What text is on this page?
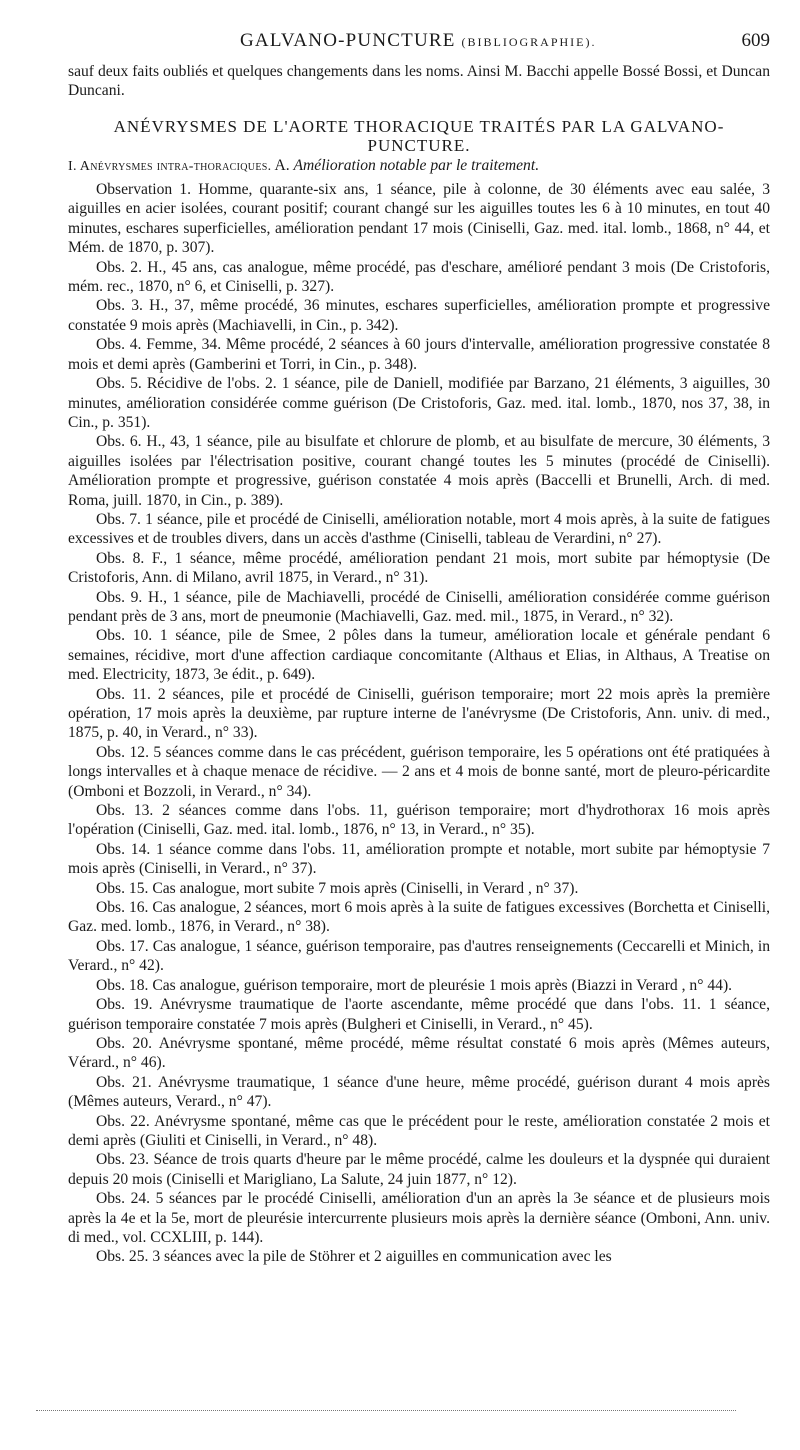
GALVANO-PUNCTURE (BIBLIOGRAPHIE).	609

sauf deux faits oubliés et quelques changements dans les noms. Ainsi M. Bacchi appelle Bossé Bossi, et Duncan Duncani.

ANÉVRYSMES DE L'AORTE THORACIQUE TRAITÉS PAR LA GALVANO-PUNCTURE.
I. Anévrysmes intra-thoraciques. A. Amélioration notable par le traitement.

Observation 1. Homme, quarante-six ans, 1 séance, pile à colonne, de 30 éléments avec eau salée, 3 aiguilles en acier isolées, courant positif; courant changé sur les aiguilles toutes les 6 à 10 minutes, en tout 40 minutes, eschares superficielles, amélioration pendant 17 mois (Ciniselli, Gaz. med. ital. lomb., 1868, n° 44, et Mém. de 1870, p. 307).

Obs. 2. H., 45 ans, cas analogue, même procédé, pas d'eschare, amélioré pendant 3 mois (De Cristoforis, mém. rec., 1870, n° 6, et Ciniselli, p. 327).

Obs. 3. H., 37, même procédé, 36 minutes, eschares superficielles, amélioration prompte et progressive constatée 9 mois après (Machiavelli, in Cin., p. 342).

Obs. 4. Femme, 34. Même procédé, 2 séances à 60 jours d'intervalle, amélioration progressive constatée 8 mois et demi après (Gamberini et Torri, in Cin., p. 348).

Obs. 5. Récidive de l'obs. 2. 1 séance, pile de Daniell, modifiée par Barzano, 21 éléments, 3 aiguilles, 30 minutes, amélioration considérée comme guérison (De Cristoforis, Gaz. med. ital. lomb., 1870, nos 37, 38, in Cin., p. 351).

Obs. 6. H., 43, 1 séance, pile au bisulfate et chlorure de plomb, et au bisulfate de mercure, 30 éléments, 3 aiguilles isolées par l'électrisation positive, courant changé toutes les 5 minutes (procédé de Ciniselli). Amélioration prompte et progressive, guérison constatée 4 mois après (Baccelli et Brunelli, Arch. di med. Roma, juill. 1870, in Cin., p. 389).

Obs. 7. 1 séance, pile et procédé de Ciniselli, amélioration notable, mort 4 mois après, à la suite de fatigues excessives et de troubles divers, dans un accès d'asthme (Ciniselli, tableau de Verardini, n° 27).

Obs. 8. F., 1 séance, même procédé, amélioration pendant 21 mois, mort subite par hémoptysie (De Cristoforis, Ann. di Milano, avril 1875, in Verard., n° 31).

Obs. 9. H., 1 séance, pile de Machiavelli, procédé de Ciniselli, amélioration considérée comme guérison pendant près de 3 ans, mort de pneumonie (Machiavelli, Gaz. med. mil., 1875, in Verard., n° 32).

Obs. 10. 1 séance, pile de Smee, 2 pôles dans la tumeur, amélioration locale et générale pendant 6 semaines, récidive, mort d'une affection cardiaque concomitante (Althaus et Elias, in Althaus, A Treatise on med. Electricity, 1873, 3e édit., p. 649).

Obs. 11. 2 séances, pile et procédé de Ciniselli, guérison temporaire; mort 22 mois après la première opération, 17 mois après la deuxième, par rupture interne de l'anévrysme (De Cristoforis, Ann. univ. di med., 1875, p. 40, in Verard., n° 33).

Obs. 12. 5 séances comme dans le cas précédent, guérison temporaire, les 5 opérations ont été pratiquées à longs intervalles et à chaque menace de récidive. — 2 ans et 4 mois de bonne santé, mort de pleuro-péricardite (Omboni et Bozzoli, in Verard., n° 34).

Obs. 13. 2 séances comme dans l'obs. 11, guérison temporaire; mort d'hydrothorax 16 mois après l'opération (Ciniselli, Gaz. med. ital. lomb., 1876, n° 13, in Verard., n° 35).

Obs. 14. 1 séance comme dans l'obs. 11, amélioration prompte et notable, mort subite par hémoptysie 7 mois après (Ciniselli, in Verard., n° 37).

Obs. 15. Cas analogue, mort subite 7 mois après (Ciniselli, in Verard , n° 37).

Obs. 16. Cas analogue, 2 séances, mort 6 mois après à la suite de fatigues excessives (Borchetta et Ciniselli, Gaz. med. lomb., 1876, in Verard., n° 38).

Obs. 17. Cas analogue, 1 séance, guérison temporaire, pas d'autres renseignements (Ceccarelli et Minich, in Verard., n° 42).

Obs. 18. Cas analogue, guérison temporaire, mort de pleurésie 1 mois après (Biazzi in Verard , n° 44).

Obs. 19. Anévrysme traumatique de l'aorte ascendante, même procédé que dans l'obs. 11. 1 séance, guérison temporaire constatée 7 mois après (Bulgheri et Ciniselli, in Verard., n° 45).

Obs. 20. Anévrysme spontané, même procédé, même résultat constaté 6 mois après (Mêmes auteurs, Vérard., n° 46).

Obs. 21. Anévrysme traumatique, 1 séance d'une heure, même procédé, guérison durant 4 mois après (Mêmes auteurs, Verard., n° 47).

Obs. 22. Anévrysme spontané, même cas que le précédent pour le reste, amélioration constatée 2 mois et demi après (Giuliti et Ciniselli, in Verard., n° 48).

Obs. 23. Séance de trois quarts d'heure par le même procédé, calme les douleurs et la dyspnée qui duraient depuis 20 mois (Ciniselli et Marigliano, La Salute, 24 juin 1877, n° 12).

Obs. 24. 5 séances par le procédé Ciniselli, amélioration d'un an après la 3e séance et de plusieurs mois après la 4e et la 5e, mort de pleurésie intercurrente plusieurs mois après la dernière séance (Omboni, Ann. univ. di med., vol. CCXLIII, p. 144).

Obs. 25. 3 séances avec la pile de Stöhrer et 2 aiguilles en communication avec les
